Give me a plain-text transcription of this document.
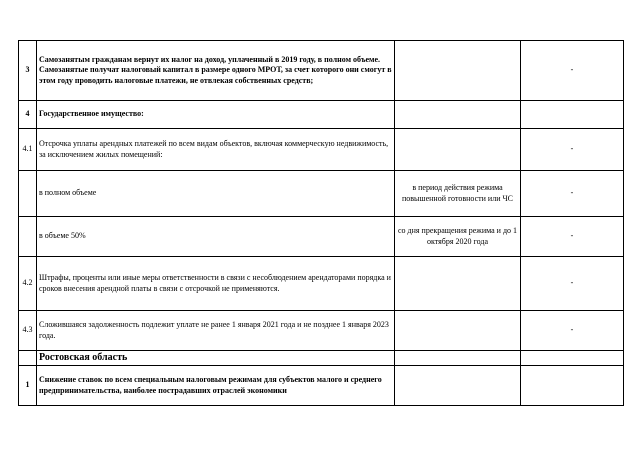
3	Самозанятым гражданам вернут их налог на доход, уплаченный в 2019 году, в полном объеме. Самозанятые получат налоговый капитал в размере одного МРОТ, за счет которого они смогут в этом году проводить налоговые платежи, не отвлекая собственных средств;		-
4	Государственное имущество:		
4.1	Отсрочка уплаты арендных платежей по всем видам объектов, включая коммерческую недвижимость, за исключением жилых помещений:		-
	в полном объеме	в период действия режима повышенной готовности или ЧС	-
	в объеме 50%	со дня прекращения режима и до 1 октября 2020 года	-
4.2	Штрафы, проценты или иные меры ответственности в связи с несоблюдением арендаторами порядка и сроков внесения арендной платы в связи с отсрочкой не применяются.		-
4.3	Сложившаяся задолженность подлежит уплате не ранее 1 января 2021 года и не позднее 1 января 2023 года.		-
	Ростовская область		
1	Снижение ставок по всем специальным налоговым режимам для субъектов малого и среднего предпринимательства, наиболее пострадавших отраслей экономики		
